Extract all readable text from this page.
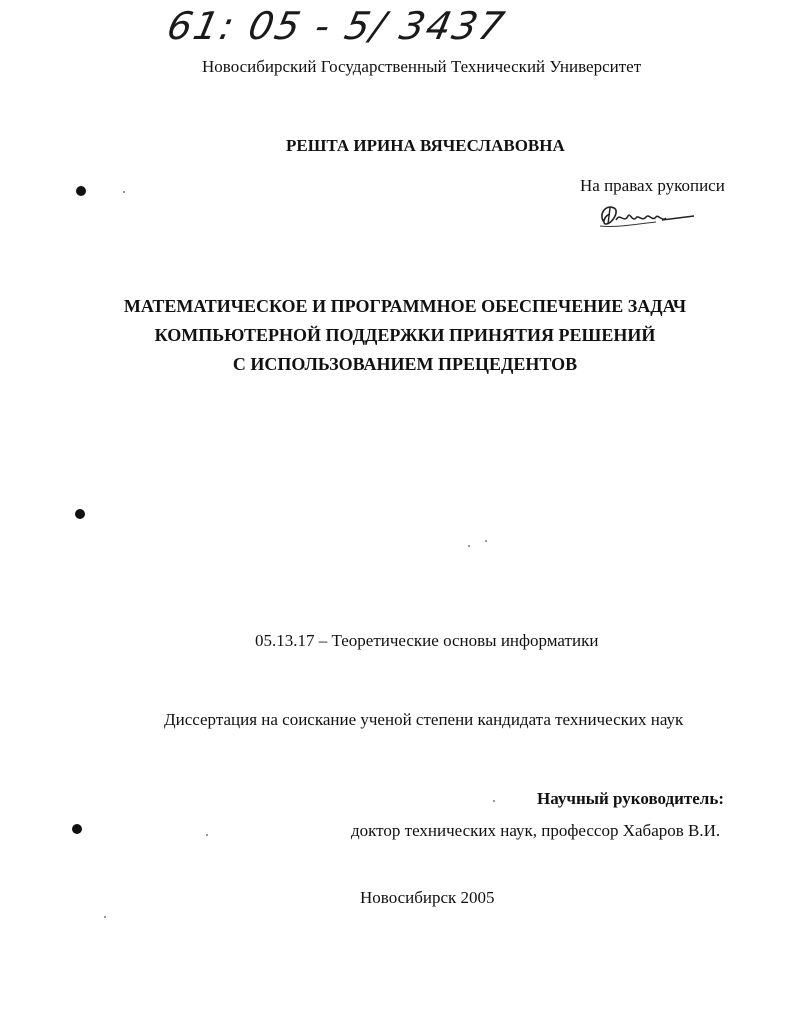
61: 05 - 5/ 3437
Новосибирский Государственный Технический Университет
РЕШТА ИРИНА ВЯЧЕСЛАВОВНА
На правах рукописи
МАТЕМАТИЧЕСКОЕ И ПРОГРАММНОЕ ОБЕСПЕЧЕНИЕ ЗАДАЧ
КОМПЬЮТЕРНОЙ ПОДДЕРЖКИ ПРИНЯТИЯ РЕШЕНИЙ
С ИСПОЛЬЗОВАНИЕМ ПРЕЦЕДЕНТОВ
05.13.17 – Теоретические основы информатики
Диссертация на соискание ученой степени кандидата технических наук
Научный руководитель:
доктор технических наук, профессор Хабаров В.И.
Новосибирск 2005
